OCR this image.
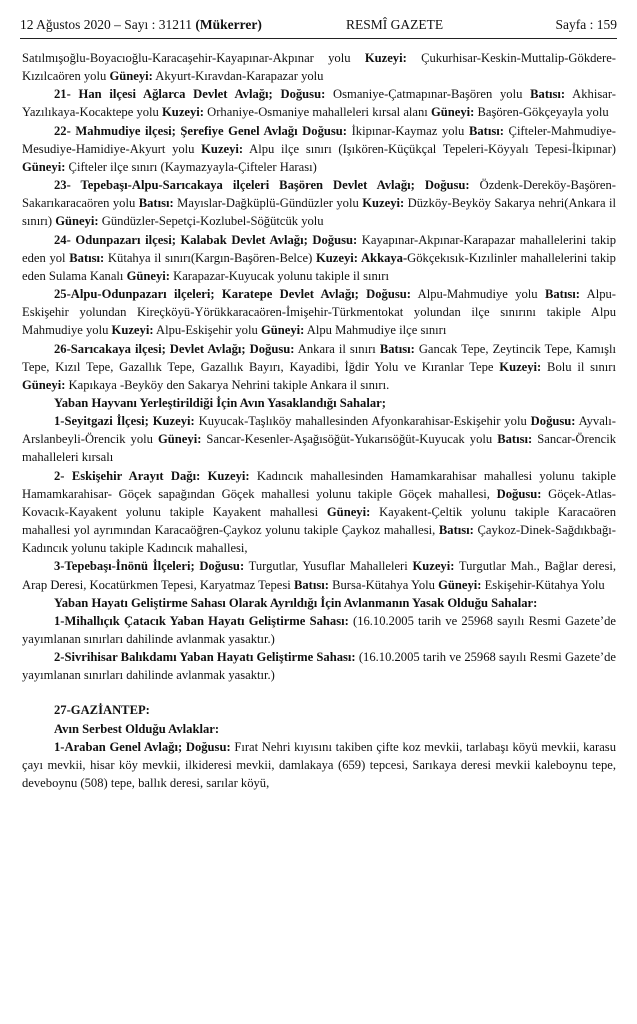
12 Ağustos 2020 – Sayı : 31211 (Mükerrer)	RESMÎ GAZETE	Sayfa : 159

Satılmışoğlu-Boyacıoğlu-Karacaşehir-Kayapınar-Akpınar yolu Kuzeyi: Çukurhisar-Keskin-Muttalip-Gökdere-Kızılcaören yolu Güneyi: Akyurt-Kıravdan-Karapazar yolu

21- Han ilçesi Ağlarca Devlet Avlağı; Doğusu: Osmaniye-Çatmapınar-Başören yolu Batısı: Akhisar-Yazılıkaya-Kocaktepe yolu Kuzeyi: Orhaniye-Osmaniye mahalleleri kırsal alanı Güneyi: Başören-Gökçeyayla yolu

22- Mahmudiye ilçesi; Şerefiye Genel Avlağı Doğusu: İkipınar-Kaymaz yolu Batısı: Çifteler-Mahmudiye-Mesudiye-Hamidiye-Akyurt yolu Kuzeyi: Alpu ilçe sınırı (Işıkören-Küçükçal Tepeleri-Köyyalı Tepesi-İkipınar) Güneyi: Çifteler ilçe sınırı (Kaymazyayla-Çifteler Harası)

23- Tepebaşı-Alpu-Sarıcakaya ilçeleri Başören Devlet Avlağı; Doğusu: Özdenk-Dereköy-Başören-Sakarıkaracaören yolu Batısı: Mayıslar-Dağküplü-Gündüzler yolu Kuzeyi: Düzköy-Beyköy Sakarya nehri(Ankara il sınırı) Güneyi: Gündüzler-Sepetçi-Kozlubel-Söğütcük yolu

24- Odunpazarı ilçesi; Kalabak Devlet Avlağı; Doğusu: Kayapınar-Akpınar-Karapazar mahallelerini takip eden yol Batısı: Kütahya il sınırı(Kargın-Başören-Belce) Kuzeyi: Akkaya-Gökçekısık-Kızılinler mahallelerini takip eden Sulama Kanalı Güneyi: Karapazar-Kuyucak yolunu takiple il sınırı

25-Alpu-Odunpazarı ilçeleri; Karatepe Devlet Avlağı; Doğusu: Alpu-Mahmudiye yolu Batısı: Alpu-Eskişehir yolundan Kireçköyü-Yörükkaracaören-İmişehir-Türkmentokat yolundan ilçe sınırını takiple Alpu Mahmudiye yolu Kuzeyi: Alpu-Eskişehir yolu Güneyi: Alpu Mahmudiye ilçe sınırı

26-Sarıcakaya ilçesi; Devlet Avlağı; Doğusu: Ankara il sınırı Batısı: Gancak Tepe, Zeytincik Tepe, Kamışlı Tepe, Kızıl Tepe, Gazallık Tepe, Gazallık Bayırı, Kayadibi, İğdir Yolu ve Kıranlar Tepe Kuzeyi: Bolu il sınırı Güneyi: Kapıkaya -Beyköy den Sakarya Nehrini takiple Ankara il sınırı.

Yaban Hayvanı Yerleştirildiği İçin Avın Yasaklandığı Sahalar;

1-Seyitgazi İlçesi; Kuzeyi: Kuyucak-Taşlıköy mahallesinden Afyonkarahisar-Eskişehir yolu Doğusu: Ayvalı-Arslanbeyli-Örencik yolu Güneyi: Sancar-Kesenler-Aşağısöğüt-Yukarısöğüt-Kuyucak yolu Batısı: Sancar-Örencik mahalleleri kırsalı

2- Eskişehir Arayıt Dağı: Kuzeyi: Kadıncık mahallesinden Hamamkarahisar mahallesi yolunu takiple Hamamkarahisar- Göçek sapağından Göçek mahallesi yolunu takiple Göçek mahallesi, Doğusu: Göçek-Atlas-Kovacık-Kayakent yolunu takiple Kayakent mahallesi Güneyi: Kayakent-Çeltik yolunu takiple Karacaören mahallesi yol ayrımından Karacaöğren-Çaykoz yolunu takiple Çaykoz mahallesi, Batısı: Çaykoz-Dinek-Sağdıkbağı-Kadıncık yolunu takiple Kadıncık mahallesi,

3-Tepebaşı-İnönü İlçeleri; Doğusu: Turgutlar, Yusuflar Mahalleleri Kuzeyi: Turgutlar Mah., Bağlar deresi, Arap Deresi, Kocatürkmen Tepesi, Karyatmaz Tepesi Batısı: Bursa-Kütahya Yolu Güneyi: Eskişehir-Kütahya Yolu

Yaban Hayatı Geliştirme Sahası Olarak Ayrıldığı İçin Avlanmanın Yasak Olduğu Sahalar:

1-Mihallıçık Çatacık Yaban Hayatı Geliştirme Sahası: (16.10.2005 tarih ve 25968 sayılı Resmi Gazete’de yayımlanan sınırları dahilinde avlanmak yasaktır.)

2-Sivrihisar Balıkdamı Yaban Hayatı Geliştirme Sahası: (16.10.2005 tarih ve 25968 sayılı Resmi Gazete’de yayımlanan sınırları dahilinde avlanmak yasaktır.)

27-GAZİANTEP:

Avın Serbest Olduğu Avlaklar:

1-Araban Genel Avlağı; Doğusu: Fırat Nehri kıyısını takiben çifte koz mevkii, tarlabaşı köyü mevkii, karasu çayı mevkii, hisar köy mevkii, ilkideresi mevkii, damlakaya (659) tepcesi, Sarıkaya deresi mevkii kaleboynu tepe, deveboynu (508) tepe, ballık deresi, sarılar köyü,
